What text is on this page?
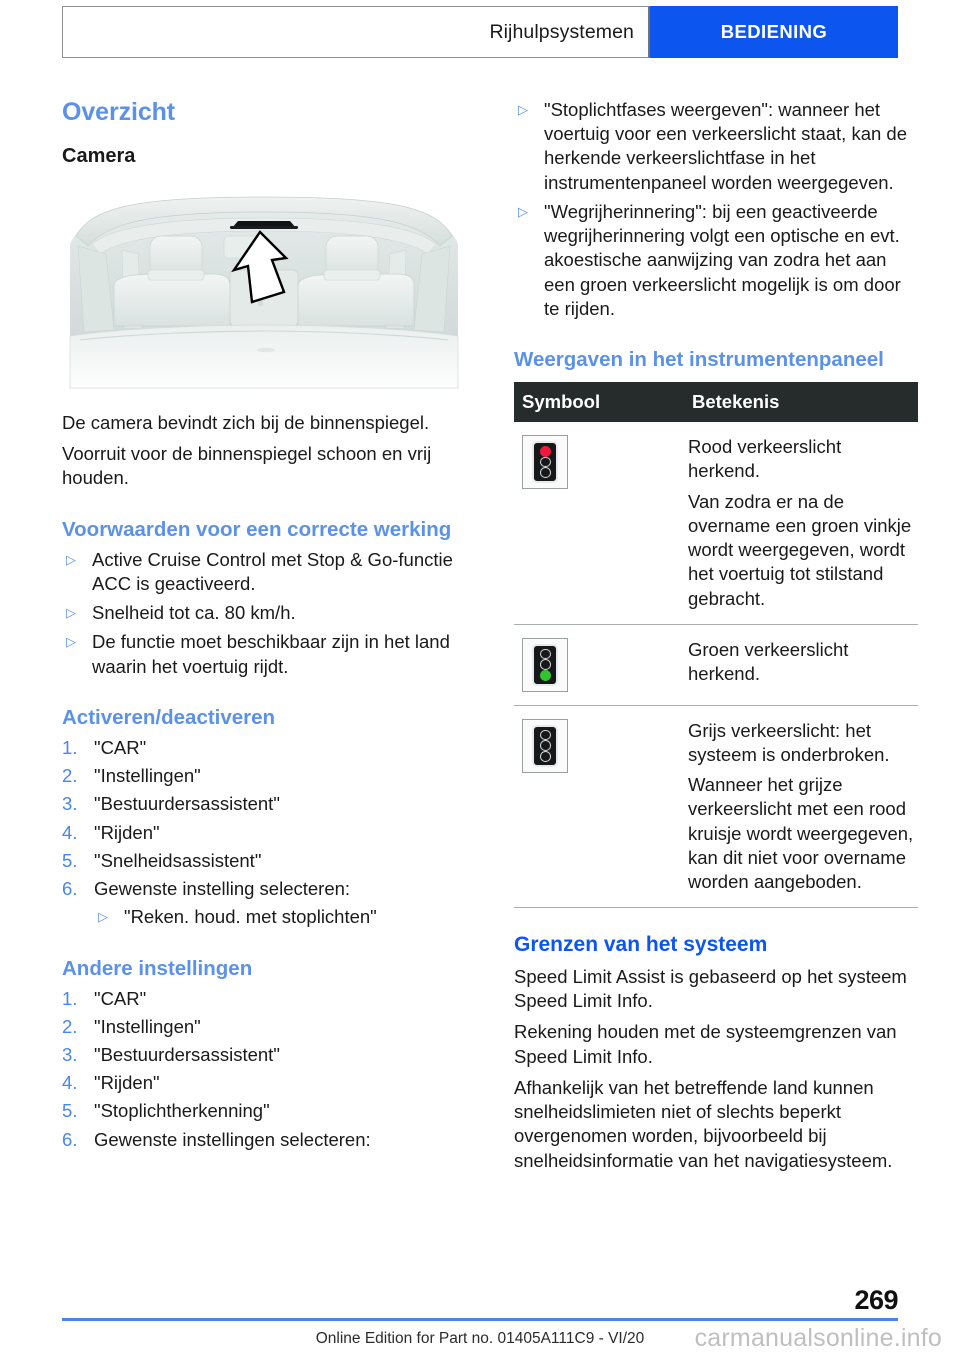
Rijhulpsystemen	BEDIENING
Overzicht
Camera

De camera bevindt zich bij de binnenspiegel.

Voorruit voor de binnenspiegel schoon en vrij houden.

Voorwaarden voor een correcte werking
▷ Active Cruise Control met Stop & Go-functie ACC is geactiveerd.
▷ Snelheid tot ca. 80 km/h.
▷ De functie moet beschikbaar zijn in het land waarin het voertuig rijdt.
Activeren/deactiveren
1. "CAR"
2. "Instellingen"
3. "Bestuurdersassistent"
4. "Rijden"
5. "Snelheidsassistent"
6. Gewenste instelling selecteren:
▷ "Reken. houd. met stoplichten"
Andere instellingen
1. "CAR"
2. "Instellingen"
3. "Bestuurdersassistent"
4. "Rijden"
5. "Stoplichtherkenning"
6. Gewenste instellingen selecteren:
▷ "Stoplichtfases weergeven": wanneer het voertuig voor een verkeerslicht staat, kan de herkende verkeerslichtfase in het instrumentenpaneel worden weergegeven.
▷ "Wegrijherinnering": bij een geactiveerde wegrijherinnering volgt een optische en evt. akoestische aanwijzing van zodra het aan een groen verkeerslicht mogelijk is om door te rijden.
Weergaven in het instrumentenpaneel
Symbool	Betekenis

	Rood verkeerslicht herkend.

Van zodra er na de overname een groen vinkje wordt weergegeven, wordt het voertuig tot stilstand gebracht.

	Groen verkeerslicht herkend.

	Grijs verkeerslicht: het systeem is onderbroken.

Wanneer het grijze verkeerslicht met een rood kruisje wordt weergegeven, kan dit niet voor overname worden aangeboden.

Grenzen van het systeem

Speed Limit Assist is gebaseerd op het systeem Speed Limit Info.

Rekening houden met de systeemgrenzen van Speed Limit Info.

Afhankelijk van het betreffende land kunnen snelheidslimieten niet of slechts beperkt overgenomen worden, bijvoorbeeld bij snelheidsinformatie van het navigatiesysteem.

269
Online Edition for Part no. 01405A111C9 - VI/20	carmanualsonline.info
